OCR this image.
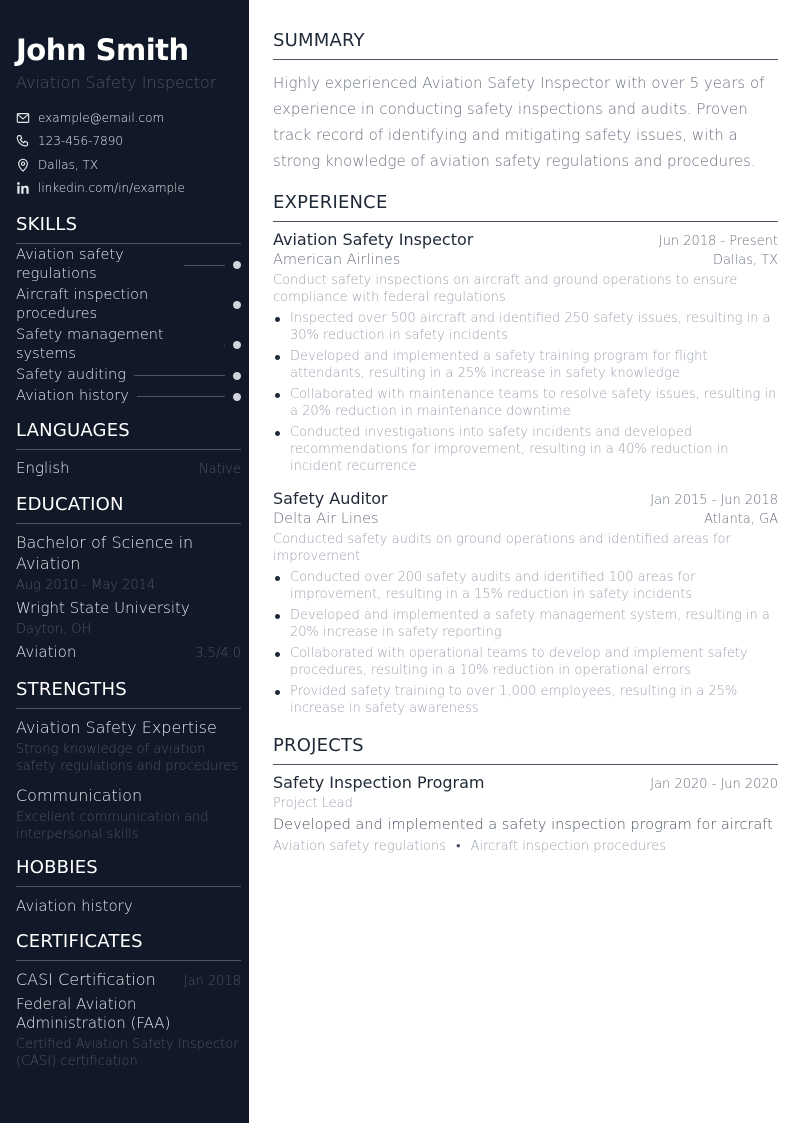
John Smith
Aviation Safety Inspector
example@email.com
123-456-7890
Dallas, TX
linkedin.com/in/example
SKILLS
Aviation safety regulations
Aircraft inspection procedures
Safety management systems
Safety auditing
Aviation history
LANGUAGES
English	Native
EDUCATION
Bachelor of Science in Aviation
Aug 2010 - May 2014
Wright State University
Dayton, OH
Aviation	3.5/4.0
STRENGTHS
Aviation Safety Expertise
Strong knowledge of aviation safety regulations and procedures
Communication
Excellent communication and interpersonal skills
HOBBIES
Aviation history
CERTIFICATES
CASI Certification Jan 2018
Federal Aviation Administration (FAA)
Certified Aviation Safety Inspector (CASI) certification
SUMMARY

Highly experienced Aviation Safety Inspector with over 5 years of experience in conducting safety inspections and audits. Proven track record of identifying and mitigating safety issues, with a strong knowledge of aviation safety regulations and procedures.

EXPERIENCE
Aviation Safety Inspector	Jun 2018 - Present
American Airlines	Dallas, TX
Conduct safety inspections on aircraft and ground operations to ensure compliance with federal regulations
Inspected over 500 aircraft and identified 250 safety issues, resulting in a 30% reduction in safety incidents
Developed and implemented a safety training program for flight attendants, resulting in a 25% increase in safety knowledge
Collaborated with maintenance teams to resolve safety issues, resulting in a 20% reduction in maintenance downtime
Conducted investigations into safety incidents and developed recommendations for improvement, resulting in a 40% reduction in incident recurrence
Safety Auditor	Jan 2015 - Jun 2018
Delta Air Lines	Atlanta, GA
Conducted safety audits on ground operations and identified areas for improvement
Conducted over 200 safety audits and identified 100 areas for improvement, resulting in a 15% reduction in safety incidents
Developed and implemented a safety management system, resulting in a 20% increase in safety reporting
Collaborated with operational teams to develop and implement safety procedures, resulting in a 10% reduction in operational errors
Provided safety training to over 1,000 employees, resulting in a 25% increase in safety awareness
PROJECTS
Safety Inspection Program	Jan 2020 - Jun 2020
Project Lead
Developed and implemented a safety inspection program for aircraft
Aviation safety regulations • Aircraft inspection procedures
